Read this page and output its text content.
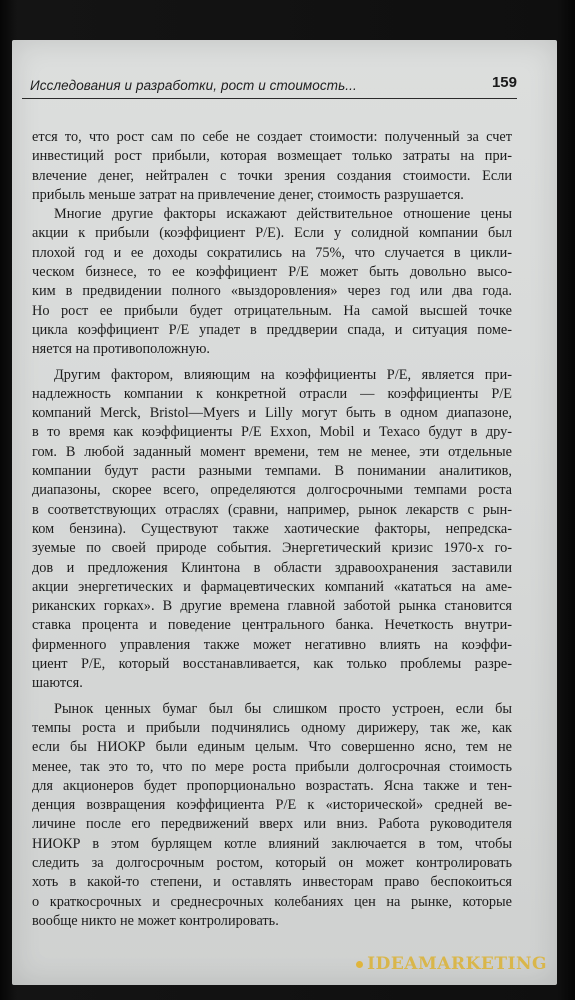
Исследования и разработки, рост и стоимость...	159
ется то, что рост сам по себе не создает стоимости: полученный за счет
инвестиций рост прибыли, которая возмещает только затраты на при-
влечение денег, нейтрален с точки зрения создания стоимости. Если
прибыль меньше затрат на привлечение денег, стоимость разрушается.
Многие другие факторы искажают действительное отношение цены
акции к прибыли (коэффициент P/E). Если у солидной компании был
плохой год и ее доходы сократились на 75%, что случается в цикли-
ческом бизнесе, то ее коэффициент P/E может быть довольно высо-
ким в предвидении полного «выздоровления» через год или два года.
Но рост ее прибыли будет отрицательным. На самой высшей точке
цикла коэффициент P/E упадет в преддверии спада, и ситуация поме-
няется на противоположную.
Другим фактором, влияющим на коэффициенты P/E, является при-
надлежность компании к конкретной отрасли — коэффициенты P/E
компаний Merck, Bristol—Myers и Lilly могут быть в одном диапазоне,
в то время как коэффициенты P/E Exxon, Mobil и Texaco будут в дру-
гом. В любой заданный момент времени, тем не менее, эти отдельные
компании будут расти разными темпами. В понимании аналитиков,
диапазоны, скорее всего, определяются долгосрочными темпами роста
в соответствующих отраслях (сравни, например, рынок лекарств с рын-
ком бензина). Существуют также хаотические факторы, непредска-
зуемые по своей природе события. Энергетический кризис 1970-х го-
дов и предложения Клинтона в области здравоохранения заставили
акции энергетических и фармацевтических компаний «кататься на аме-
риканских горках». В другие времена главной заботой рынка становится
ставка процента и поведение центрального банка. Нечеткость внутри-
фирменного управления также может негативно влиять на коэффи-
циент P/E, который восстанавливается, как только проблемы разре-
шаются.
Рынок ценных бумаг был бы слишком просто устроен, если бы
темпы роста и прибыли подчинялись одному дирижеру, так же, как
если бы НИОКР были единым целым. Что совершенно ясно, тем не
менее, так это то, что по мере роста прибыли долгосрочная стоимость
для акционеров будет пропорционально возрастать. Ясна также и тен-
денция возвращения коэффициента P/E к «исторической» средней ве-
личине после его передвижений вверх или вниз. Работа руководителя
НИОКР в этом бурлящем котле влияний заключается в том, чтобы
следить за долгосрочным ростом, который он может контролировать
хоть в какой-то степени, и оставлять инвесторам право беспокоиться
о краткосрочных и среднесрочных колебаниях цен на рынке, которые
вообще никто не может контролировать.

IDEAMARKETING
